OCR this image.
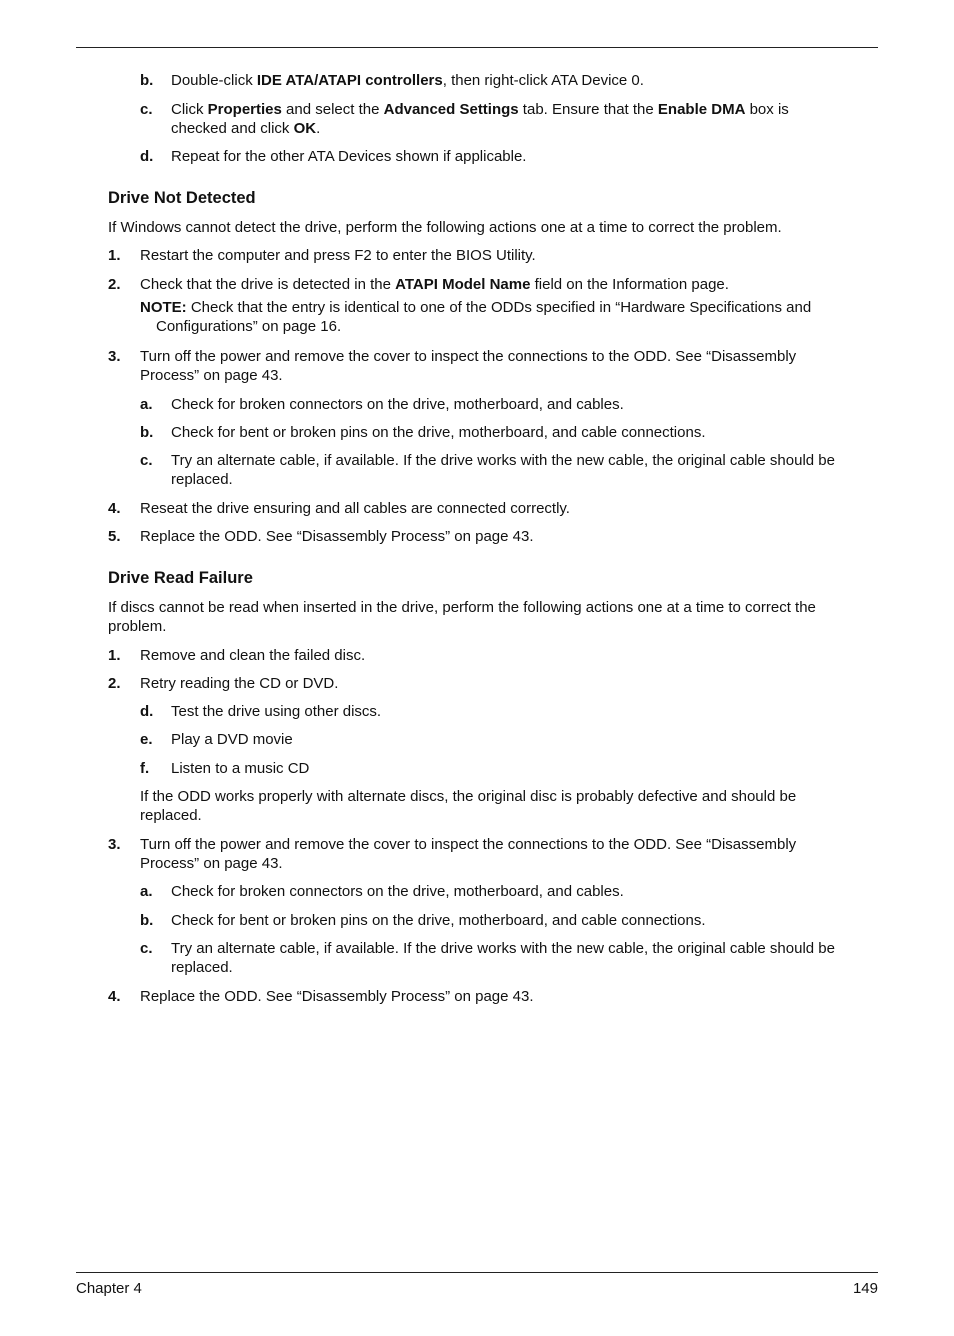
b. Double-click IDE ATA/ATAPI controllers, then right-click ATA Device 0.
c. Click Properties and select the Advanced Settings tab. Ensure that the Enable DMA box is
checked and click OK.
d. Repeat for the other ATA Devices shown if applicable.
Drive Not Detected
If Windows cannot detect the drive, perform the following actions one at a time to correct the problem.
1. Restart the computer and press F2 to enter the BIOS Utility.
2. Check that the drive is detected in the ATAPI Model Name field on the Information page.
NOTE: Check that the entry is identical to one of the ODDs specified in “Hardware Specifications and
Configurations” on page 16.
3. Turn off the power and remove the cover to inspect the connections to the ODD. See “Disassembly
Process” on page 43.
a. Check for broken connectors on the drive, motherboard, and cables.
b. Check for bent or broken pins on the drive, motherboard, and cable connections.
c. Try an alternate cable, if available. If the drive works with the new cable, the original cable should be
replaced.
4. Reseat the drive ensuring and all cables are connected correctly.
5. Replace the ODD. See “Disassembly Process” on page 43.
Drive Read Failure
If discs cannot be read when inserted in the drive, perform the following actions one at a time to correct the
problem.
1. Remove and clean the failed disc.
2. Retry reading the CD or DVD.
d. Test the drive using other discs.
e. Play a DVD movie
f. Listen to a music CD
If the ODD works properly with alternate discs, the original disc is probably defective and should be
replaced.
3. Turn off the power and remove the cover to inspect the connections to the ODD. See “Disassembly
Process” on page 43.
a. Check for broken connectors on the drive, motherboard, and cables.
b. Check for bent or broken pins on the drive, motherboard, and cable connections.
c. Try an alternate cable, if available. If the drive works with the new cable, the original cable should be
replaced.
4. Replace the ODD. See “Disassembly Process” on page 43.
Chapter 4	149
